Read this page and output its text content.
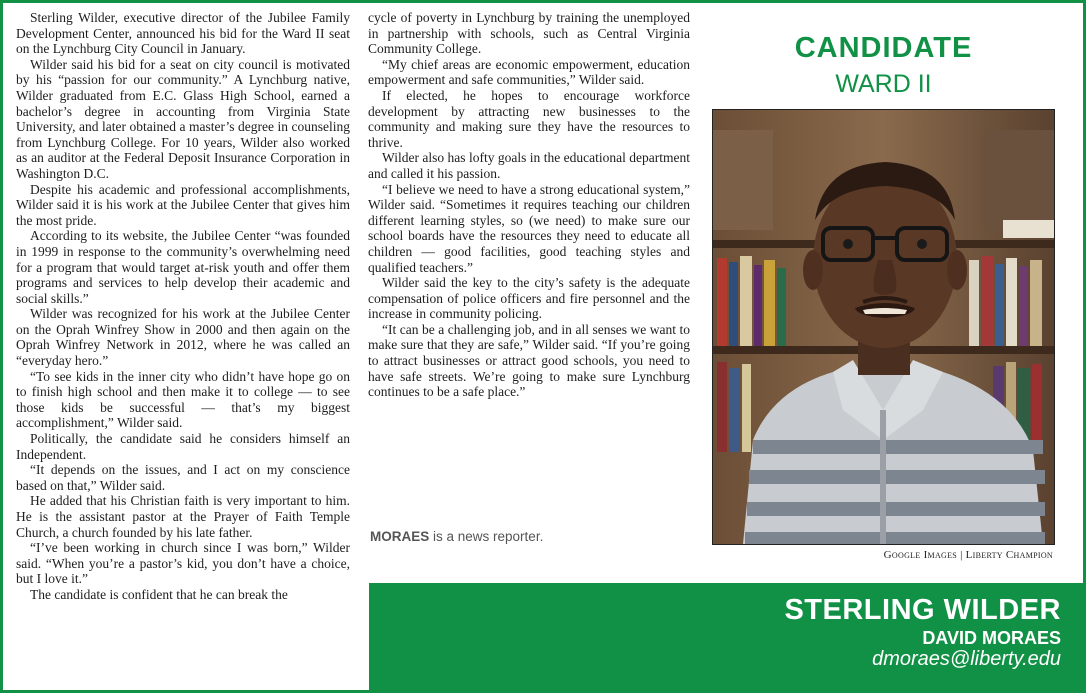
Sterling Wilder, executive director of the Jubilee Family Development Center, announced his bid for the Ward II seat on the Lynchburg City Council in January.

Wilder said his bid for a seat on city council is motivated by his “passion for our community.” A Lynchburg native, Wilder graduated from E.C. Glass High School, earned a bachelor’s degree in accounting from Virginia State University, and later obtained a master’s degree in counseling from Lynchburg College. For 10 years, Wilder also worked as an auditor at the Federal Deposit Insurance Corporation in Washington D.C.

Despite his academic and professional accomplishments, Wilder said it is his work at the Jubilee Center that gives him the most pride.

According to its website, the Jubilee Center “was founded in 1999 in response to the community’s overwhelming need for a program that would target at-risk youth and offer them programs and services to help develop their academic and social skills.”

Wilder was recognized for his work at the Jubilee Center on the Oprah Winfrey Show in 2000 and then again on the Oprah Winfrey Network in 2012, where he was called an “everyday hero.”

“To see kids in the inner city who didn’t have hope go on to finish high school and then make it to college — to see those kids be successful — that’s my biggest accomplishment,” Wilder said.

Politically, the candidate said he considers himself an Independent.

“It depends on the issues, and I act on my conscience based on that,” Wilder said.

He added that his Christian faith is very important to him. He is the assistant pastor at the Prayer of Faith Temple Church, a church founded by his late father.

“I’ve been working in church since I was born,” Wilder said. “When you’re a pastor’s kid, you don’t have a choice, but I love it.”

The candidate is confident that he can break the

cycle of poverty in Lynchburg by training the unemployed in partnership with schools, such as Central Virginia Community College.

“My chief areas are economic empowerment, education empowerment and safe communities,” Wilder said.

If elected, he hopes to encourage workforce development by attracting new businesses to the community and making sure they have the resources to thrive.

Wilder also has lofty goals in the educational department and called it his passion.

“I believe we need to have a strong educational system,” Wilder said. “Sometimes it requires teaching our children different learning styles, so (we need) to make sure our school boards have the resources they need to educate all children — good facilities, good teaching styles and qualified teachers.”

Wilder said the key to the city’s safety is the adequate compensation of police officers and fire personnel and the increase in community policing.

“It can be a challenging job, and in all senses we want to make sure that they are safe,” Wilder said. “If you’re going to attract businesses or attract good schools, you need to have safe streets. We’re going to make sure Lynchburg continues to be a safe place.”

MORAES is a news reporter.
CANDIDATE
WARD II
Google Images | Liberty Champion
STERLING WILDER
DAVID MORAES
dmoraes@liberty.edu
